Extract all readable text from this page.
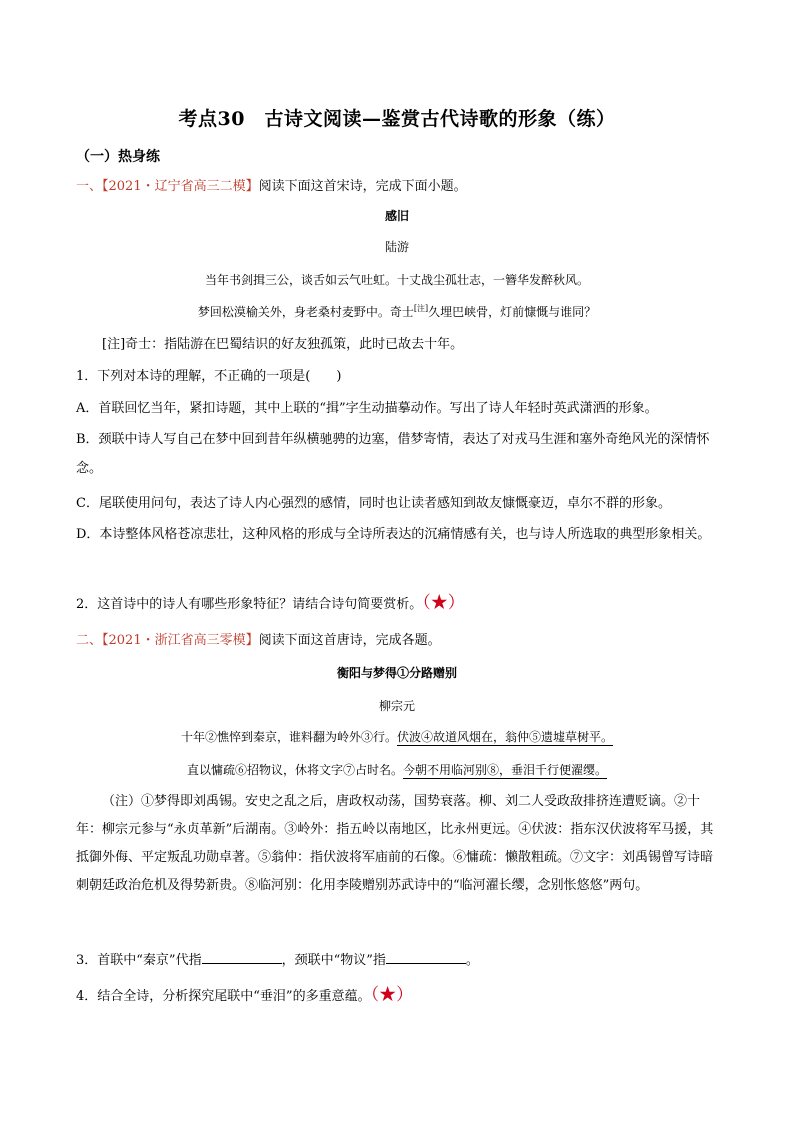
考点30　古诗文阅读—鉴赏古代诗歌的形象（练）
（一）热身练
一、【2021・辽宁省高三二模】阅读下面这首宋诗，完成下面小题。
感旧
陆游
当年书剑揖三公，谈舌如云气吐虹。十丈战尘孤壮志，一簪华发醉秋风。
梦回松漠榆关外，身老桑村麦野中。奇士[注]久埋巴峡骨，灯前慷慨与谁同？
[注]奇士：指陆游在巴蜀结识的好友独孤策，此时已故去十年。
1．下列对本诗的理解，不正确的一项是(　　)
A．首联回忆当年，紧扣诗题，其中上联的“揖”字生动描摹动作。写出了诗人年轻时英武潇洒的形象。
B．颈联中诗人写自己在梦中回到昔年纵横驰骋的边塞，借梦寄情，表达了对戎马生涯和塞外奇绝风光的深情怀念。
C．尾联使用问句，表达了诗人内心强烈的感情，同时也让读者感知到故友慷慨豪迈，卓尔不群的形象。
D．本诗整体风格苍凉悲壮，这种风格的形成与全诗所表达的沉痛情感有关，也与诗人所选取的典型形象相关。
2．这首诗中的诗人有哪些形象特征？请结合诗句简要赏析。（★）
二、【2021・浙江省高三零模】阅读下面这首唐诗，完成各题。
衡阳与梦得①分路赠别
柳宗元
十年②憔悴到秦京，谁料翻为岭外③行。伏波④故道风烟在，翁仲⑤遗墟草树平。
直以慵疏⑥招物议，休将文字⑦占时名。今朝不用临河别⑧，垂泪千行便濯缨。
（注）①梦得即刘禹锡。安史之乱之后，唐政权动荡，国势衰落。柳、刘二人受政敌排挤连遭贬谪。②十年：柳宗元参与“永贞革新”后湖南。③岭外：指五岭以南地区，比永州更远。④伏波：指东汉伏波将军马援，其抵御外侮、平定叛乱功勋卓著。⑤翁仲：指伏波将军庙前的石像。⑥慵疏：懒散粗疏。⑦文字：刘禹锡曾写诗暗刺朝廷政治危机及得势新贵。⑧临河别：化用李陵赠别苏武诗中的“临河濯长缨，念别怅悠悠”两句。
3．首联中“秦京”代指	，颈联中“物议”指	。
4．结合全诗，分析探究尾联中“垂泪”的多重意蕴。（★）
